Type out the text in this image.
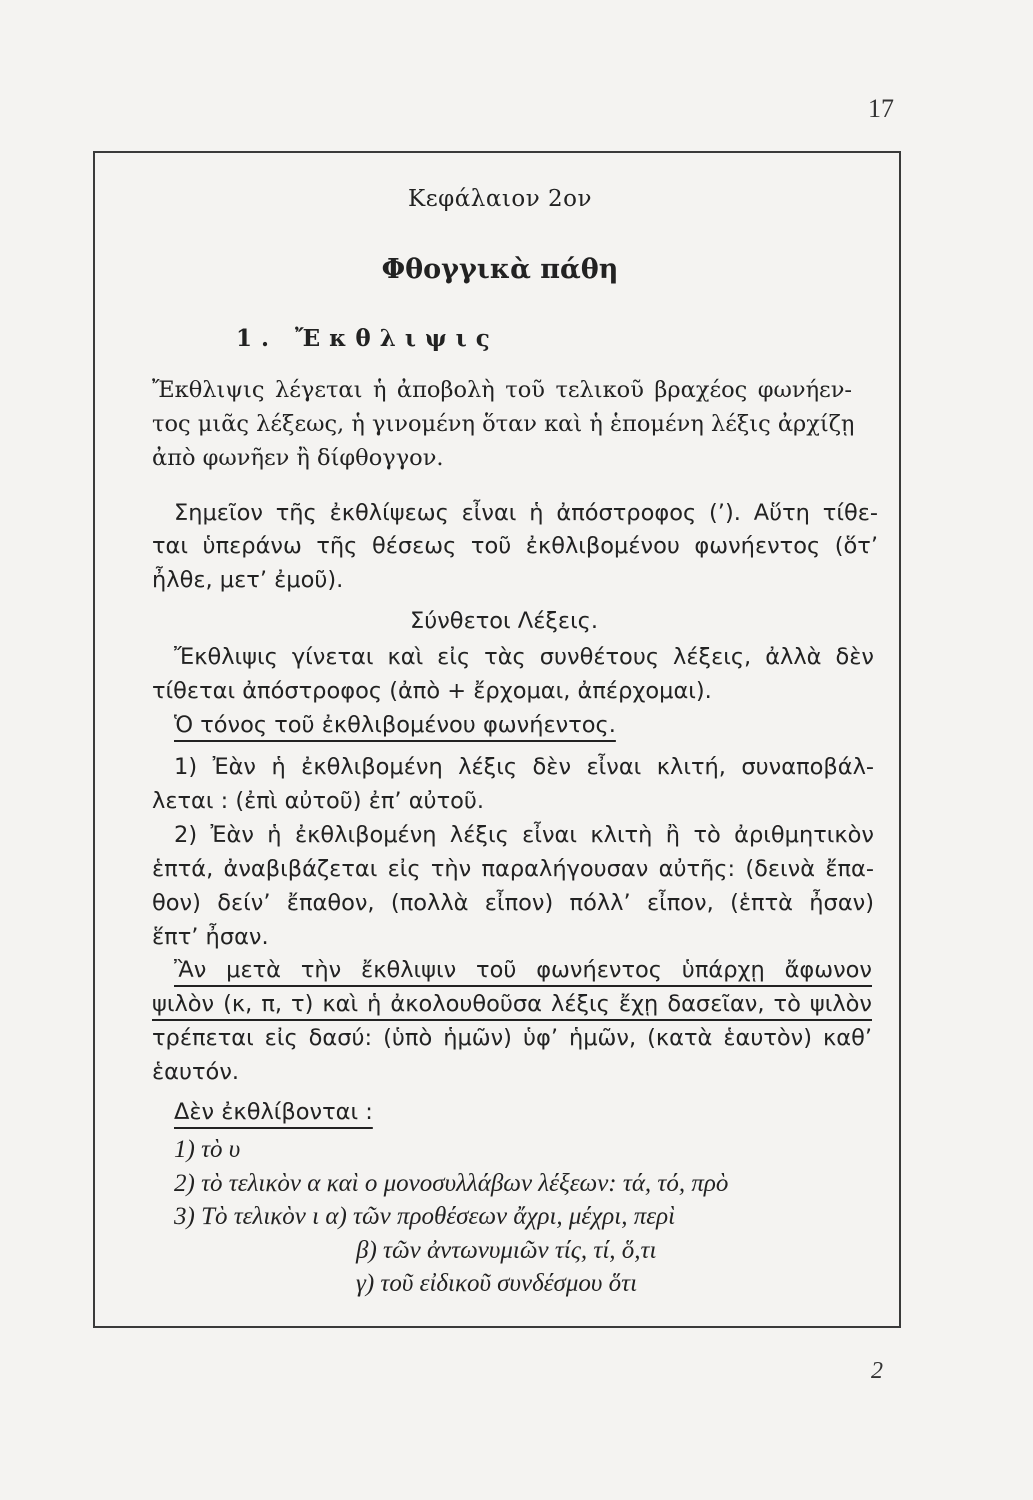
17
Κεφάλαιον 2ον
Φθογγικὰ πάθη
1. Ἔκθλιψις
Ἔκθλιψις λέγεται ἡ ἀποβολὴ τοῦ τελικοῦ βραχέος φωνήεν-
τος μιᾶς λέξεως, ἡ γινομένη ὅταν καὶ ἡ ἑπομένη λέξις ἀρχίζῃ
ἀπὸ φωνῆεν ἢ δίφθογγον.
Σημεῖον τῆς ἐκθλίψεως εἶναι ἡ ἀπόστροφος (’). Αὕτη τίθε-
ται ὑπεράνω τῆς θέσεως τοῦ ἐκθλιβομένου φωνήεντος (ὅτ’
ἦλθε, μετ’ ἐμοῦ).
Σύνθετοι Λέξεις.
Ἔκθλιψις γίνεται καὶ εἰς τὰς συνθέτους λέξεις, ἀλλὰ δὲν
τίθεται ἀπόστροφος (ἀπὸ + ἔρχομαι, ἀπέρχομαι).
Ὁ τόνος τοῦ ἐκθλιβομένου φωνήεντος.
1) Ἐὰν ἡ ἐκθλιβομένη λέξις δὲν εἶναι κλιτή, συναποβάλ-
λεται : (ἐπὶ αὐτοῦ) ἐπ’ αὐτοῦ.
2) Ἐὰν ἡ ἐκθλιβομένη λέξις εἶναι κλιτὴ ἢ τὸ ἀριθμητικὸν
ἑπτά, ἀναβιβάζεται εἰς τὴν παραλήγουσαν αὐτῆς: (δεινὰ ἔπα-
θον) δείν’ ἔπαθον, (πολλὰ εἶπον) πόλλ’ εἶπον, (ἑπτὰ ἦσαν)
ἕπτ’ ἦσαν.
Ἂν μετὰ τὴν ἔκθλιψιν τοῦ φωνήεντος ὑπάρχῃ ἄφωνον
ψιλὸν (κ, π, τ) καὶ ἡ ἀκολουθοῦσα λέξις ἔχῃ δασεῖαν, τὸ ψιλὸν
τρέπεται εἰς δασύ: (ὑπὸ ἡμῶν) ὑφ’ ἡμῶν, (κατὰ ἑαυτὸν) καθ’
ἑαυτόν.
Δὲν ἐκθλίβονται :
1) τὸ υ
2) τὸ τελικὸν α καὶ ο μονοσυλλάβων λέξεων: τά, τό, πρὸ
3) Τὸ τελικὸν ι α) τῶν προθέσεων ἄχρι, μέχρι, περὶ
β) τῶν ἀντωνυμιῶν τίς, τί, ὅ,τι
γ) τοῦ εἰδικοῦ συνδέσμου ὅτι
2
